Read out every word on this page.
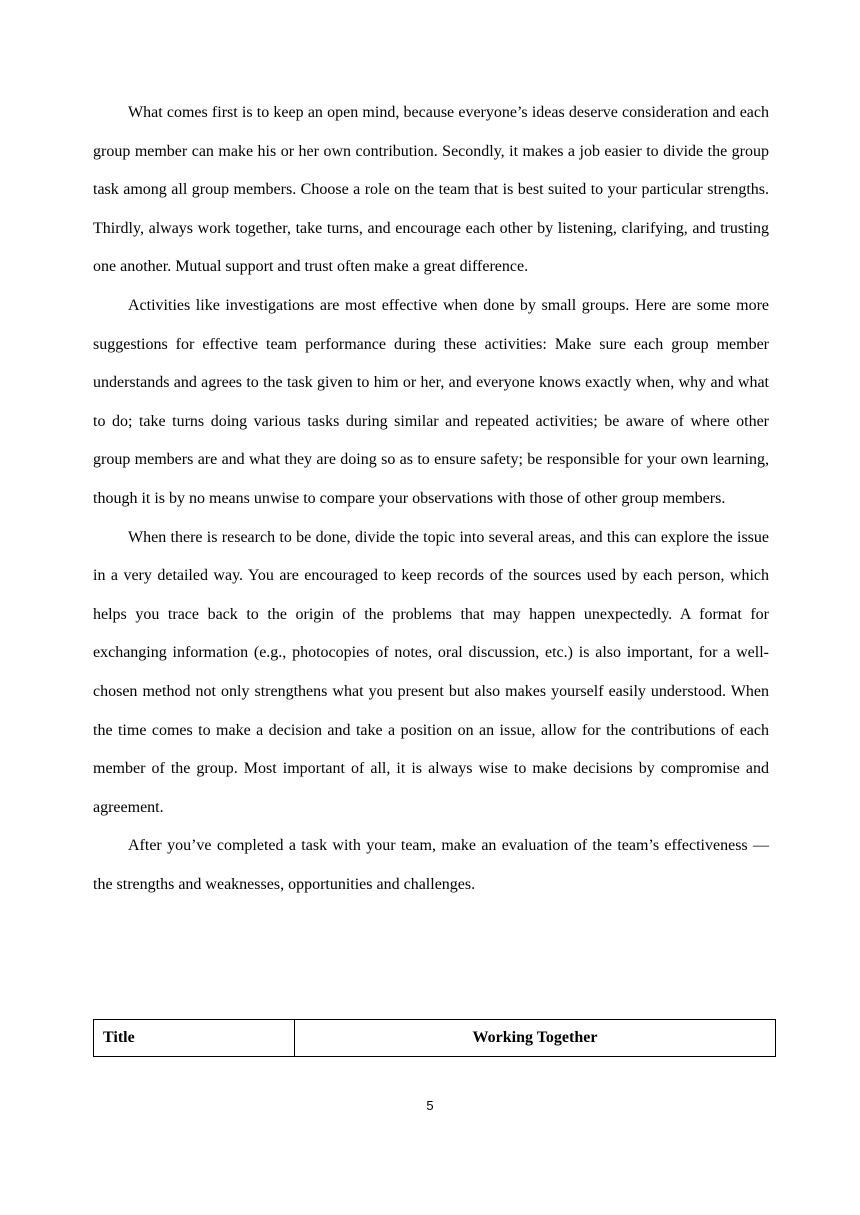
What comes first is to keep an open mind, because everyone’s ideas deserve consideration and each group member can make his or her own contribution. Secondly, it makes a job easier to divide the group task among all group members. Choose a role on the team that is best suited to your particular strengths. Thirdly, always work together, take turns, and encourage each other by listening, clarifying, and trusting one another. Mutual support and trust often make a great difference.

Activities like investigations are most effective when done by small groups. Here are some more suggestions for effective team performance during these activities: Make sure each group member understands and agrees to the task given to him or her, and everyone knows exactly when, why and what to do; take turns doing various tasks during similar and repeated activities; be aware of where other group members are and what they are doing so as to ensure safety; be responsible for your own learning, though it is by no means unwise to compare your observations with those of other group members.

When there is research to be done, divide the topic into several areas, and this can explore the issue in a very detailed way. You are encouraged to keep records of the sources used by each person, which helps you trace back to the origin of the problems that may happen unexpectedly. A format for exchanging information (e.g., photocopies of notes, oral discussion, etc.) is also important, for a well-chosen method not only strengthens what you present but also makes yourself easily understood. When the time comes to make a decision and take a position on an issue, allow for the contributions of each member of the group. Most important of all, it is always wise to make decisions by compromise and agreement.

After you’ve completed a task with your team, make an evaluation of the team’s effectiveness — the strengths and weaknesses, opportunities and challenges.

Title	Working Together
5
